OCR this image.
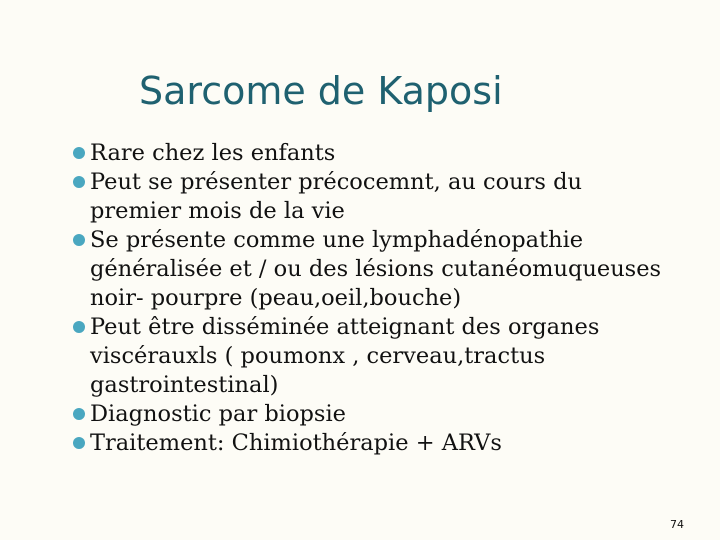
Sarcome de Kaposi
Rare chez les enfants
Peut se présenter précocemnt, au cours du
premier mois de la vie
Se présente comme une lymphadénopathie
généralisée et / ou des lésions cutanéomuqueuses
noir- pourpre (peau,oeil,bouche)
Peut être disséminée atteignant des organes
viscérauxls ( poumonx , cerveau,tractus
gastrointestinal)
Diagnostic par biopsie
Traitement: Chimiothérapie + ARVs
74
